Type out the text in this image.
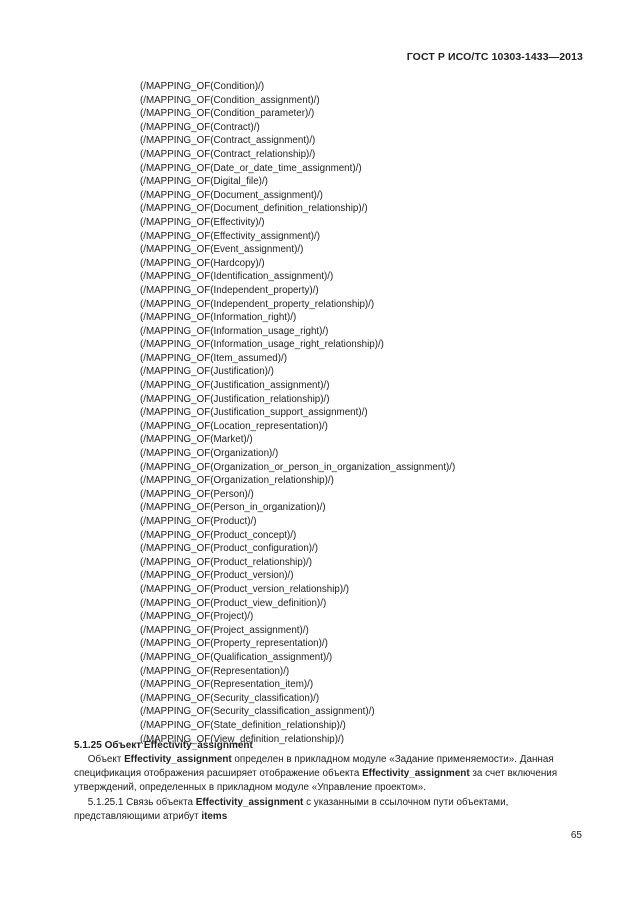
ГОСТ Р ИСО/ТС 10303-1433—2013
(/MAPPING_OF(Condition)/)
(/MAPPING_OF(Condition_assignment)/)
(/MAPPING_OF(Condition_parameter)/)
(/MAPPING_OF(Contract)/)
(/MAPPING_OF(Contract_assignment)/)
(/MAPPING_OF(Contract_relationship)/)
(/MAPPING_OF(Date_or_date_time_assignment)/)
(/MAPPING_OF(Digital_file)/)
(/MAPPING_OF(Document_assignment)/)
(/MAPPING_OF(Document_definition_relationship)/)
(/MAPPING_OF(Effectivity)/)
(/MAPPING_OF(Effectivity_assignment)/)
(/MAPPING_OF(Event_assignment)/)
(/MAPPING_OF(Hardcopy)/)
(/MAPPING_OF(Identification_assignment)/)
(/MAPPING_OF(Independent_property)/)
(/MAPPING_OF(Independent_property_relationship)/)
(/MAPPING_OF(Information_right)/)
(/MAPPING_OF(Information_usage_right)/)
(/MAPPING_OF(Information_usage_right_relationship)/)
(/MAPPING_OF(Item_assumed)/)
(/MAPPING_OF(Justification)/)
(/MAPPING_OF(Justification_assignment)/)
(/MAPPING_OF(Justification_relationship)/)
(/MAPPING_OF(Justification_support_assignment)/)
(/MAPPING_OF(Location_representation)/)
(/MAPPING_OF(Market)/)
(/MAPPING_OF(Organization)/)
(/MAPPING_OF(Organization_or_person_in_organization_assignment)/)
(/MAPPING_OF(Organization_relationship)/)
(/MAPPING_OF(Person)/)
(/MAPPING_OF(Person_in_organization)/)
(/MAPPING_OF(Product)/)
(/MAPPING_OF(Product_concept)/)
(/MAPPING_OF(Product_configuration)/)
(/MAPPING_OF(Product_relationship)/)
(/MAPPING_OF(Product_version)/)
(/MAPPING_OF(Product_version_relationship)/)
(/MAPPING_OF(Product_view_definition)/)
(/MAPPING_OF(Project)/)
(/MAPPING_OF(Project_assignment)/)
(/MAPPING_OF(Property_representation)/)
(/MAPPING_OF(Qualification_assignment)/)
(/MAPPING_OF(Representation)/)
(/MAPPING_OF(Representation_item)/)
(/MAPPING_OF(Security_classification)/)
(/MAPPING_OF(Security_classification_assignment)/)
(/MAPPING_OF(State_definition_relationship)/)
(/MAPPING_OF(View_definition_relationship)/)
5.1.25 Объект Effectivity_assignment

Объект Effectivity_assignment определен в прикладном модуле «Задание применяемости». Данная спецификация отображения расширяет отображение объекта Effectivity_assignment за счет включения утверждений, определенных в прикладном модуле «Управление проектом».

5.1.25.1 Связь объекта Effectivity_assignment с указанными в ссылочном пути объектами, представляющими атрибут items

65
